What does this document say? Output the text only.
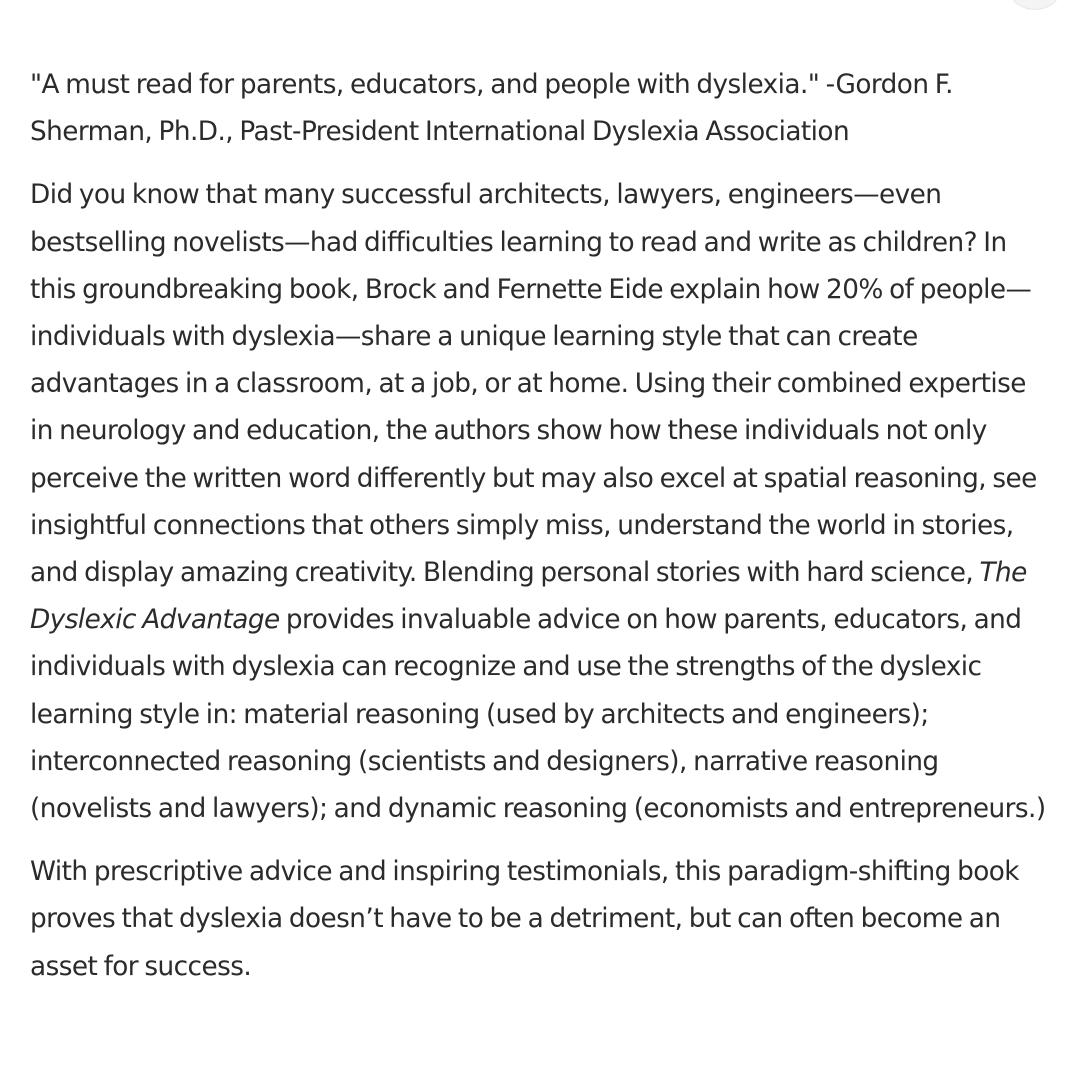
"A must read for parents, educators, and people with dyslexia." -Gordon F. Sherman, Ph.D., Past-President International Dyslexia Association

Did you know that many successful architects, lawyers, engineers—even bestselling novelists—had difficulties learning to read and write as children? In this groundbreaking book, Brock and Fernette Eide explain how 20% of people—individuals with dyslexia—share a unique learning style that can create advantages in a classroom, at a job, or at home. Using their combined expertise in neurology and education, the authors show how these individuals not only perceive the written word differently but may also excel at spatial reasoning, see insightful connections that others simply miss, understand the world in stories, and display amazing creativity. Blending personal stories with hard science, The Dyslexic Advantage provides invaluable advice on how parents, educators, and individuals with dyslexia can recognize and use the strengths of the dyslexic learning style in: material reasoning (used by architects and engineers); interconnected reasoning (scientists and designers), narrative reasoning (novelists and lawyers); and dynamic reasoning (economists and entrepreneurs.)

With prescriptive advice and inspiring testimonials, this paradigm-shifting book proves that dyslexia doesn’t have to be a detriment, but can often become an asset for success.
